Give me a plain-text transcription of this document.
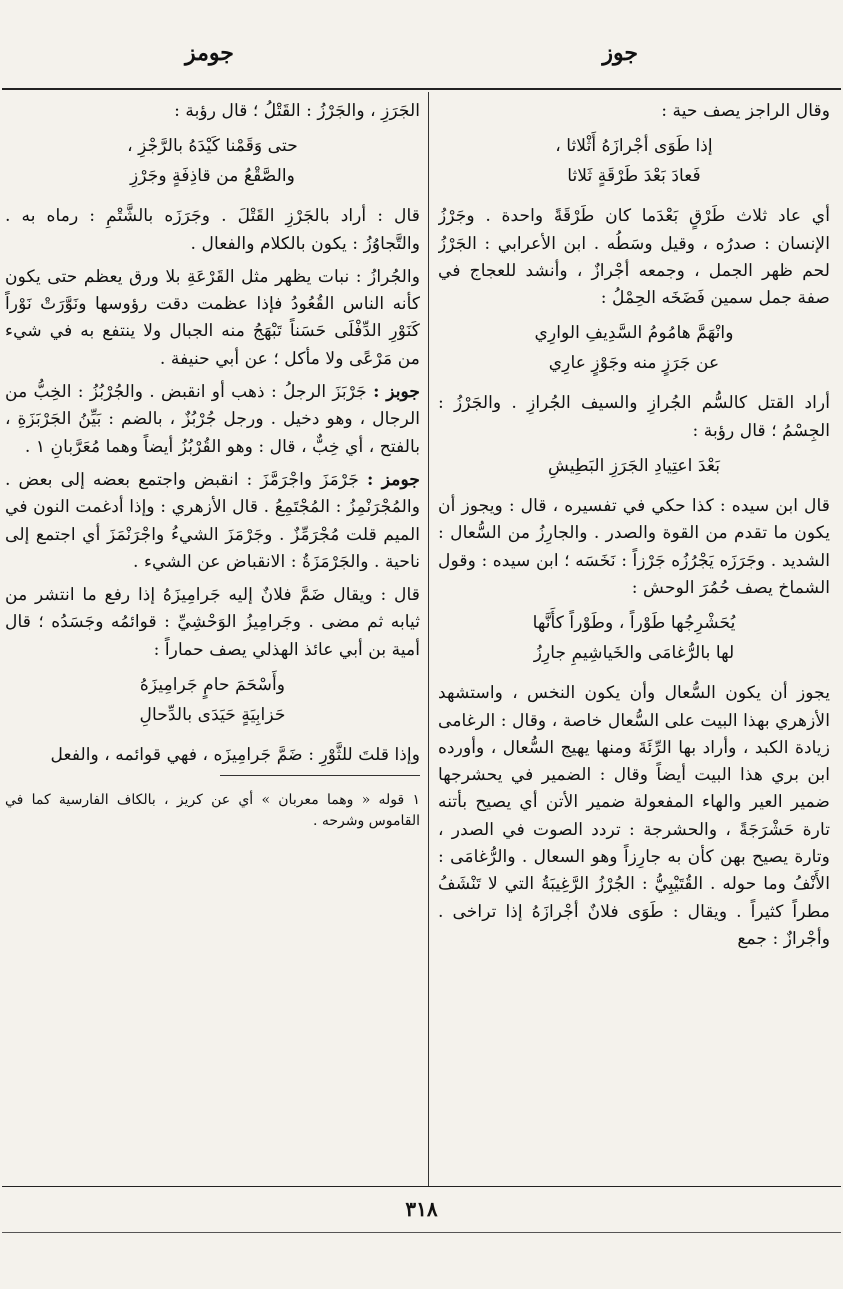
جوز
جومز

وقال الراجز يصف حية :

إذا طَوَى أجْرازَهُ أَثْلاثا ،
فَعادَ بَعْدَ طَرْقَةٍ ثَلاثا

أي عاد ثلاث طَرْقٍ بَعْدَما كان طَرْقَةً واحدة . وجَرْزُ الإنسان : صدرُه ، وقيل وسَطُه . ابن الأعرابي : الجَرْزُ لحم ظهر الجمل ، وجمعه أجْرازٌ ، وأنشد للعجاج في صفة جمل سمين فَضَخَه الحِمْلُ :

وانْهَمَّ هامُومُ السَّدِيفِ الوارِي
عن جَرَزٍ منه وجَوْزٍ عارِي

أراد القتل كالسُّم الجُرازِ والسيف الجُرازِ . والجَرْزُ : الجِسْمُ ؛ قال رؤبة :

بَعْدَ اعتِيادِ الجَرَزِ البَطِيشِ

قال ابن سيده : كذا حكي في تفسيره ، قال : ويجوز أن يكون ما تقدم من القوة والصدر . والجارِزُ من السُّعال : الشديد . وجَرَزَه يَجْرُزُه جَرْزاً : نَخَسَه ؛ ابن سيده : وقول الشماخ يصف حُمُرَ الوحش :

يُحَشْرِجُها طَوْراً ، وطَوْراً كأَنَّها
لها بالرُّغامَى والخَياشِيمِ جارِزُ

يجوز أن يكون السُّعال وأن يكون النخس ، واستشهد الأزهري بهذا البيت على السُّعال خاصة ، وقال : الرغامى زيادة الكبد ، وأراد بها الرِّئَةَ ومنها يهيج السُّعال ، وأورده ابن بري هذا البيت أيضاً وقال : الضمير في يحشرجها ضمير العير والهاء المفعولة ضمير الأتن أي يصيح بأتنه تارة حَشْرَجَةً ، والحشرجة : تردد الصوت في الصدر ، وتارة يصيح بهن كأن به جارِزاً وهو السعال . والرُّغامَى : الأَنْفُ وما حوله . القُتَيْبِيُّ : الجُرْزُ الرَّغِيبَةُ التي لا تَنْشَفُ مطراً كثيراً . ويقال : طَوَى فلانٌ أجْرازَهُ إذا تراخى . وأجْرازٌ : جمع

الجَرَزِ ، والجَرْزُ : القَتْلُ ؛ قال رؤبة :

حتى وَقَمْنا كَيْدَهُ بالرَّجْزِ ،
والصَّقْعُ من قاذِفَةٍ وجَرْزِ

قال : أراد بالجَرْزِ القَتْلَ . وجَرَزَه بالشَّتْمِ : رماه به . والتَّجاوُزُ : يكون بالكلام والفعال .

والجُرازُ : نبات يظهر مثل القَرْعَةِ بلا ورق يعظم حتى يكون كأنه الناس القُعُودُ فإذا عظمت دقت رؤوسها ونَوَّرَتْ نَوْراً كَنَوْرِ الدِّفْلَى حَسَناً تَبْهَجُ منه الجبال ولا ينتفع به في شيء من مَرْعًى ولا مأكل ؛ عن أبي حنيفة .

جوبز : جَرْبَزَ الرجلُ : ذهب أو انقبض . والجُرْبُزُ : الخِبُّ من الرجال ، وهو دخيل . ورجل جُرْبُزٌ ، بالضم : بَيِّنُ الجَرْبَزَةِ ، بالفتح ، أي خِبٌّ ، قال : وهو القُرْبُزُ أيضاً وهما مُعَرَّبانِ ١ .

جومز : جَرْمَزَ واجْرَمَّزَ : انقبض واجتمع بعضه إلى بعض . والمُجْرَنْمِزُ : المُجْتَمِعُ . قال الأزهري : وإذا أدغمت النون في الميم قلت مُجْرَمِّزٌ . وجَرْمَزَ الشيءُ واجْرَنْمَزَ أي اجتمع إلى ناحية . والجَرْمَزَةُ : الانقباض عن الشيء .

قال : ويقال ضَمَّ فلانٌ إليه جَرامِيزَهُ إذا رفع ما انتشر من ثيابه ثم مضى . وجَرامِيزُ الوَحْشِيِّ : قوائمُه وجَسَدُه ؛ قال أمية بن أبي عائذ الهذلي يصف حماراً :

وأَسْحَمَ حامٍ جَرامِيزَهُ
حَزابِيَةٍ حَيَدَى بالدِّحالِ

وإذا قلتَ للثَّوْرِ : ضَمَّ جَرامِيزَه ، فهي قوائمه ، والفعل

١ قوله « وهما معربان » أي عن كريز ، بالكاف الفارسية كما في القاموس وشرحه .

٣١٨
